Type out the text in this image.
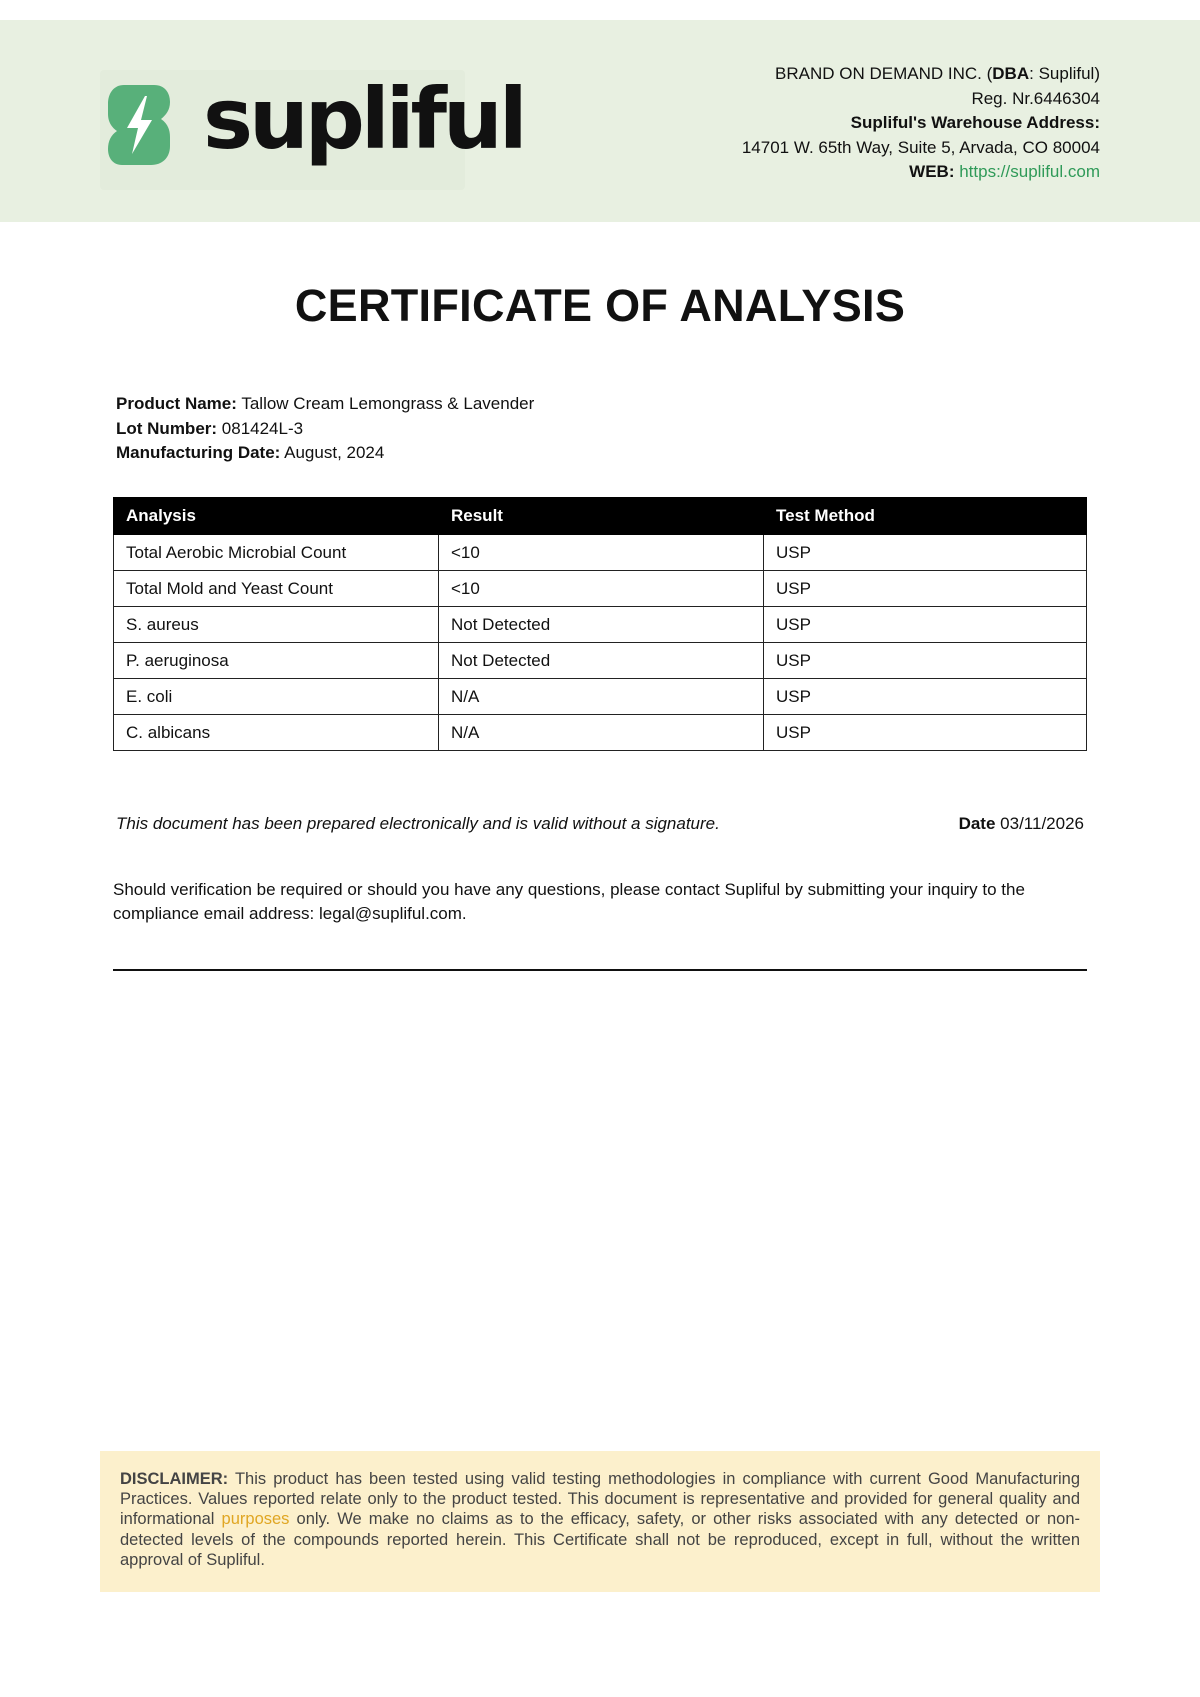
supliful	BRAND ON DEMAND INC. (DBA: Supliful)
Reg. Nr.6446304
Supliful's Warehouse Address:
14701 W. 65th Way, Suite 5, Arvada, CO 80004
WEB: https://supliful.com
CERTIFICATE OF ANALYSIS
Product Name: Tallow Cream Lemongrass & Lavender
Lot Number: 081424L-3
Manufacturing Date: August, 2024
Analysis	Result	Test Method
Total Aerobic Microbial Count	<10	USP
Total Mold and Yeast Count	<10	USP
S. aureus	Not Detected	USP
P. aeruginosa	Not Detected	USP
E. coli	N/A	USP
C. albicans	N/A	USP
This document has been prepared electronically and is valid without a signature.	Date 03/11/2026
Should verification be required or should you have any questions, please contact Supliful by submitting your inquiry to the compliance email address: legal@supliful.com.

DISCLAIMER: This product has been tested using valid testing methodologies in compliance with current Good Manufacturing Practices. Values reported relate only to the product tested. This document is representative and provided for general quality and informational purposes only. We make no claims as to the efficacy, safety, or other risks associated with any detected or non-detected levels of the compounds reported herein. This Certificate shall not be reproduced, except in full, without the written approval of Supliful.
